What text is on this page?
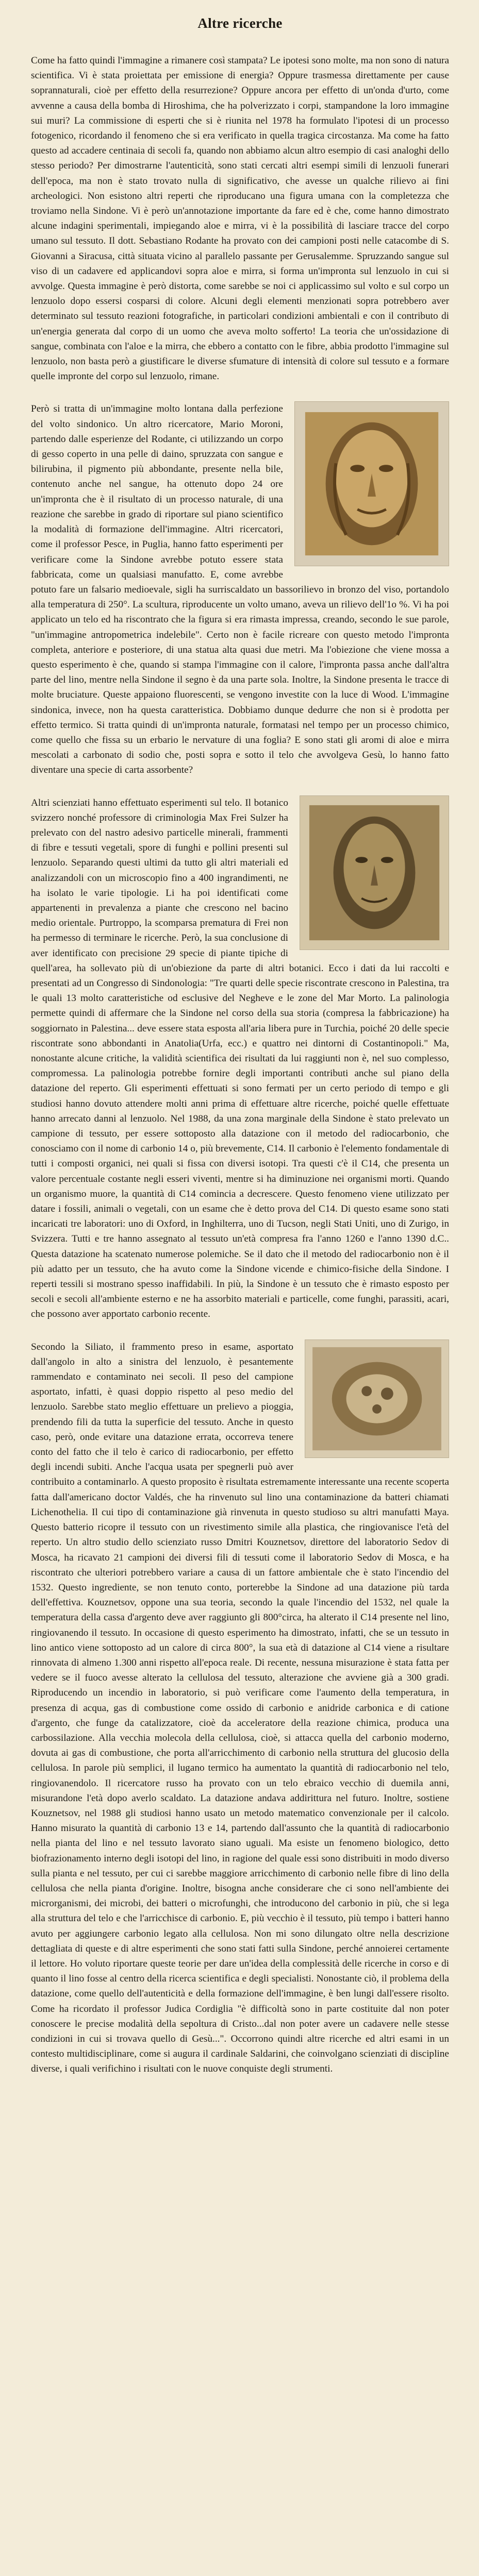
Altre ricerche

Come ha fatto quindi l'immagine a rimanere così stampata? Le ipotesi sono molte, ma non sono di natura scientifica. Vi è stata proiettata per emissione di energia? Oppure trasmessa direttamente per cause soprannaturali, cioè per effetto della resurrezione? Oppure ancora per effetto di un'onda d'urto, come avvenne a causa della bomba di Hiroshima, che ha polverizzato i corpi, stampandone la loro immagine sui muri? La commissione di esperti che si è riunita nel 1978 ha formulato l'ipotesi di un processo fotogenico, ricordando il fenomeno che si era verificato in quella tragica circostanza. Ma come ha fatto questo ad accadere centinaia di secoli fa, quando non abbiamo alcun altro esempio di casi analoghi dello stesso periodo? Per dimostrarne l'autenticità, sono stati cercati altri esempi simili di lenzuoli funerari dell'epoca, ma non è stato trovato nulla di significativo, che avesse un qualche rilievo ai fini archeologici. Non esistono altri reperti che riproducano una figura umana con la completezza che troviamo nella Sindone. Vi è però un'annotazione importante da fare ed è che, come hanno dimostrato alcune indagini sperimentali, impiegando aloe e mirra, vi è la possibilità di lasciare tracce del corpo umano sul tessuto. Il dott. Sebastiano Rodante ha provato con dei campioni posti nelle catacombe di S. Giovanni a Siracusa, città situata vicino al parallelo passante per Gerusalemme. Spruzzando sangue sul viso di un cadavere ed applicandovi sopra aloe e mirra, si forma un'impronta sul lenzuolo in cui si avvolge. Questa immagine è però distorta, come sarebbe se noi ci applicassimo sul volto e sul corpo un lenzuolo dopo essersi cosparsi di colore. Alcuni degli elementi menzionati sopra potrebbero aver determinato sul tessuto reazioni fotografiche, in particolari condizioni ambientali e con il contributo di un'energia generata dal corpo di un uomo che aveva molto sofferto! La teoria che un'ossidazione di sangue, combinata con l'aloe e la mirra, che ebbero a contatto con le fibre, abbia prodotto l'immagine sul lenzuolo, non basta però a giustificare le diverse sfumature di intensità di colore sul tessuto e a formare quelle impronte del corpo sul lenzuolo, rimane.

Però si tratta di un'immagine molto lontana dalla perfezione del volto sindonico. Un altro ricercatore, Mario Moroni, partendo dalle esperienze del Rodante, ci utilizzando un corpo di gesso coperto in una pelle di daino, spruzzata con sangue e bilirubina, il pigmento più abbondante, presente nella bile, contenuto anche nel sangue, ha ottenuto dopo 24 ore un'impronta che è il risultato di un processo naturale, di una reazione che sarebbe in grado di riportare sul piano scientifico la modalità di formazione dell'immagine. Altri ricercatori, come il professor Pesce, in Puglia, hanno fatto esperimenti per verificare come la Sindone avrebbe potuto essere stata fabbricata, come un qualsiasi manufatto. E, come avrebbe potuto fare un falsario medioevale, sigli ha surriscaldato un bassorilievo in bronzo del viso, portandolo alla temperatura di 250°. La scultura, riproducente un volto umano, aveva un rilievo dell'1o %. Vi ha poi applicato un telo ed ha riscontrato che la figura si era rimasta impressa, creando, secondo le sue parole, "un'immagine antropometrica indelebile". Certo non è facile ricreare con questo metodo l'impronta completa, anteriore e posteriore, di una statua alta quasi due metri. Ma l'obiezione che viene mossa a questo esperimento è che, quando si stampa l'immagine con il calore, l'impronta passa anche dall'altra parte del lino, mentre nella Sindone il segno è da una parte sola. Inoltre, la Sindone presenta le tracce di molte bruciature. Queste appaiono fluorescenti, se vengono investite con la luce di Wood. L'immagine sindonica, invece, non ha questa caratteristica. Dobbiamo dunque dedurre che non si è prodotta per effetto termico. Si tratta quindi di un'impronta naturale, formatasi nel tempo per un processo chimico, come quello che fissa su un erbario le nervature di una foglia? E sono stati gli aromi di aloe e mirra mescolati a carbonato di sodio che, posti sopra e sotto il telo che avvolgeva Gesù, lo hanno fatto diventare una specie di carta assorbente?

Altri scienziati hanno effettuato esperimenti sul telo. Il botanico svizzero nonché professore di criminologia Max Frei Sulzer ha prelevato con del nastro adesivo particelle minerali, frammenti di fibre e tessuti vegetali, spore di funghi e pollini presenti sul lenzuolo. Separando questi ultimi da tutto gli altri materiali ed analizzandoli con un microscopio fino a 400 ingrandimenti, ne ha isolato le varie tipologie. Li ha poi identificati come appartenenti in prevalenza a piante che crescono nel bacino medio orientale. Purtroppo, la scomparsa prematura di Frei non ha permesso di terminare le ricerche. Però, la sua conclusione di aver identificato con precisione 29 specie di piante tipiche di quell'area, ha sollevato più di un'obiezione da parte di altri botanici. Ecco i dati da lui raccolti e presentati ad un Congresso di Sindonologia: "Tre quarti delle specie riscontrate crescono in Palestina, tra le quali 13 molto caratteristiche od esclusive del Negheve e le zone del Mar Morto. La palinologia permette quindi di affermare che la Sindone nel corso della sua storia (compresa la fabbricazione) ha soggiornato in Palestina... deve essere stata esposta all'aria libera pure in Turchia, poiché 20 delle specie riscontrate sono abbondanti in Anatolia(Urfa, ecc.) e quattro nei dintorni di Costantinopoli." Ma, nonostante alcune critiche, la validità scientifica dei risultati da lui raggiunti non è, nel suo complesso, compromessa. La palinologia potrebbe fornire degli importanti contributi anche sul piano della datazione del reperto. Gli esperimenti effettuati si sono fermati per un certo periodo di tempo e gli studiosi hanno dovuto attendere molti anni prima di effettuare altre ricerche, poiché quelle effettuate hanno arrecato danni al lenzuolo. Nel 1988, da una zona marginale della Sindone è stato prelevato un campione di tessuto, per essere sottoposto alla datazione con il metodo del radiocarbonio, che conosciamo con il nome di carbonio 14 o, più brevemente, C14. Il carbonio è l'elemento fondamentale di tutti i composti organici, nei quali si fissa con diversi isotopi. Tra questi c'è il C14, che presenta un valore percentuale costante negli esseri viventi, mentre si ha diminuzione nei organismi morti. Quando un organismo muore, la quantità di C14 comincia a decrescere. Questo fenomeno viene utilizzato per datare i fossili, animali o vegetali, con un esame che è detto prova del C14. Di questo esame sono stati incaricati tre laboratori: uno di Oxford, in Inghilterra, uno di Tucson, negli Stati Uniti, uno di Zurigo, in Svizzera. Tutti e tre hanno assegnato al tessuto un'età compresa fra l'anno 1260 e l'anno 1390 d.C.. Questa datazione ha scatenato numerose polemiche. Se il dato che il metodo del radiocarbonio non è il più adatto per un tessuto, che ha avuto come la Sindone vicende e chimico-fisiche della Sindone. I reperti tessili si mostrano spesso inaffidabili. In più, la Sindone è un tessuto che è rimasto esposto per secoli e secoli all'ambiente esterno e ne ha assorbito materiali e particelle, come funghi, parassiti, acari, che possono aver apportato carbonio recente.

Secondo la Siliato, il frammento preso in esame, asportato dall'angolo in alto a sinistra del lenzuolo, è pesantemente rammendato e contaminato nei secoli. Il peso del campione asportato, infatti, è quasi doppio rispetto al peso medio del lenzuolo. Sarebbe stato meglio effettuare un prelievo a pioggia, prendendo fili da tutta la superficie del tessuto. Anche in questo caso, però, onde evitare una datazione errata, occorreva tenere conto del fatto che il telo è carico di radiocarbonio, per effetto degli incendi subiti. Anche l'acqua usata per spegnerli può aver contribuito a contaminarlo. A questo proposito è risultata estremamente interessante una recente scoperta fatta dall'americano doctor Valdés, che ha rinvenuto sul lino una contaminazione da batteri chiamati Lichenothelia. Il cui tipo di contaminazione già rinvenuta in questo studioso su altri manufatti Maya. Questo batterio ricopre il tessuto con un rivestimento simile alla plastica, che ringiovanisce l'età del reperto. Un altro studio dello scienziato russo Dmitri Kouznetsov, direttore del laboratorio Sedov di Mosca, ha ricavato 21 campioni dei diversi fili di tessuti come il laboratorio Sedov di Mosca, e ha riscontrato che ulteriori potrebbero variare a causa di un fattore ambientale che è stato l'incendio del 1532. Questo ingrediente, se non tenuto conto, porterebbe la Sindone ad una datazione più tarda dell'effettiva. Kouznetsov, oppone una sua teoria, secondo la quale l'incendio del 1532, nel quale la temperatura della cassa d'argento deve aver raggiunto gli 800°circa, ha alterato il C14 presente nel lino, ringiovanendo il tessuto. In occasione di questo esperimento ha dimostrato, infatti, che se un tessuto in lino antico viene sottoposto ad un calore di circa 800°, la sua età di datazione al C14 viene a risultare rinnovata di almeno 1.300 anni rispetto all'epoca reale. Di recente, nessuna misurazione è stata fatta per vedere se il fuoco avesse alterato la cellulosa del tessuto, alterazione che avviene già a 300 gradi. Riproducendo un incendio in laboratorio, si può verificare come l'aumento della temperatura, in presenza di acqua, gas di combustione come ossido di carbonio e anidride carbonica e di catione d'argento, che funge da catalizzatore, cioè da acceleratore della reazione chimica, produca una carbossilazione. Alla vecchia molecola della cellulosa, cioè, si attacca quella del carbonio moderno, dovuta ai gas di combustione, che porta all'arricchimento di carbonio nella struttura del glucosio della cellulosa. In parole più semplici, il lugano termico ha aumentato la quantità di radiocarbonio nel telo, ringiovanendolo. Il ricercatore russo ha provato con un telo ebraico vecchio di duemila anni, misurandone l'età dopo averlo scaldato. La datazione andava addirittura nel futuro. Inoltre, sostiene Kouznetsov, nel 1988 gli studiosi hanno usato un metodo matematico convenzionale per il calcolo. Hanno misurato la quantità di carbonio 13 e 14, partendo dall'assunto che la quantità di radiocarbonio nella pianta del lino e nel tessuto lavorato siano uguali. Ma esiste un fenomeno biologico, detto biofrazionamento interno degli isotopi del lino, in ragione del quale essi sono distribuiti in modo diverso sulla pianta e nel tessuto, per cui ci sarebbe maggiore arricchimento di carbonio nelle fibre di lino della cellulosa che nella pianta d'origine. Inoltre, bisogna anche considerare che ci sono nell'ambiente dei microrganismi, dei microbi, dei batteri o microfunghi, che introducono del carbonio in più, che si lega alla struttura del telo e che l'arricchisce di carbonio. E, più vecchio è il tessuto, più tempo i batteri hanno avuto per aggiungere carbonio legato alla cellulosa. Non mi sono dilungato oltre nella descrizione dettagliata di queste e di altre esperimenti che sono stati fatti sulla Sindone, perché annoierei certamente il lettore. Ho voluto riportare queste teorie per dare un'idea della complessità delle ricerche in corso e di quanto il lino fosse al centro della ricerca scientifica e degli specialisti. Nonostante ciò, il problema della datazione, come quello dell'autenticità e della formazione dell'immagine, è ben lungi dall'essere risolto. Come ha ricordato il professor Judica Cordiglia "è difficoltà sono in parte costituite dal non poter conoscere le precise modalità della sepoltura di Cristo...dal non poter avere un cadavere nelle stesse condizioni in cui si trovava quello di Gesù...". Occorrono quindi altre ricerche ed altri esami in un contesto multidisciplinare, come si augura il cardinale Saldarini, che coinvolgano scienziati di discipline diverse, i quali verifichino i risultati con le nuove conquiste degli strumenti.
